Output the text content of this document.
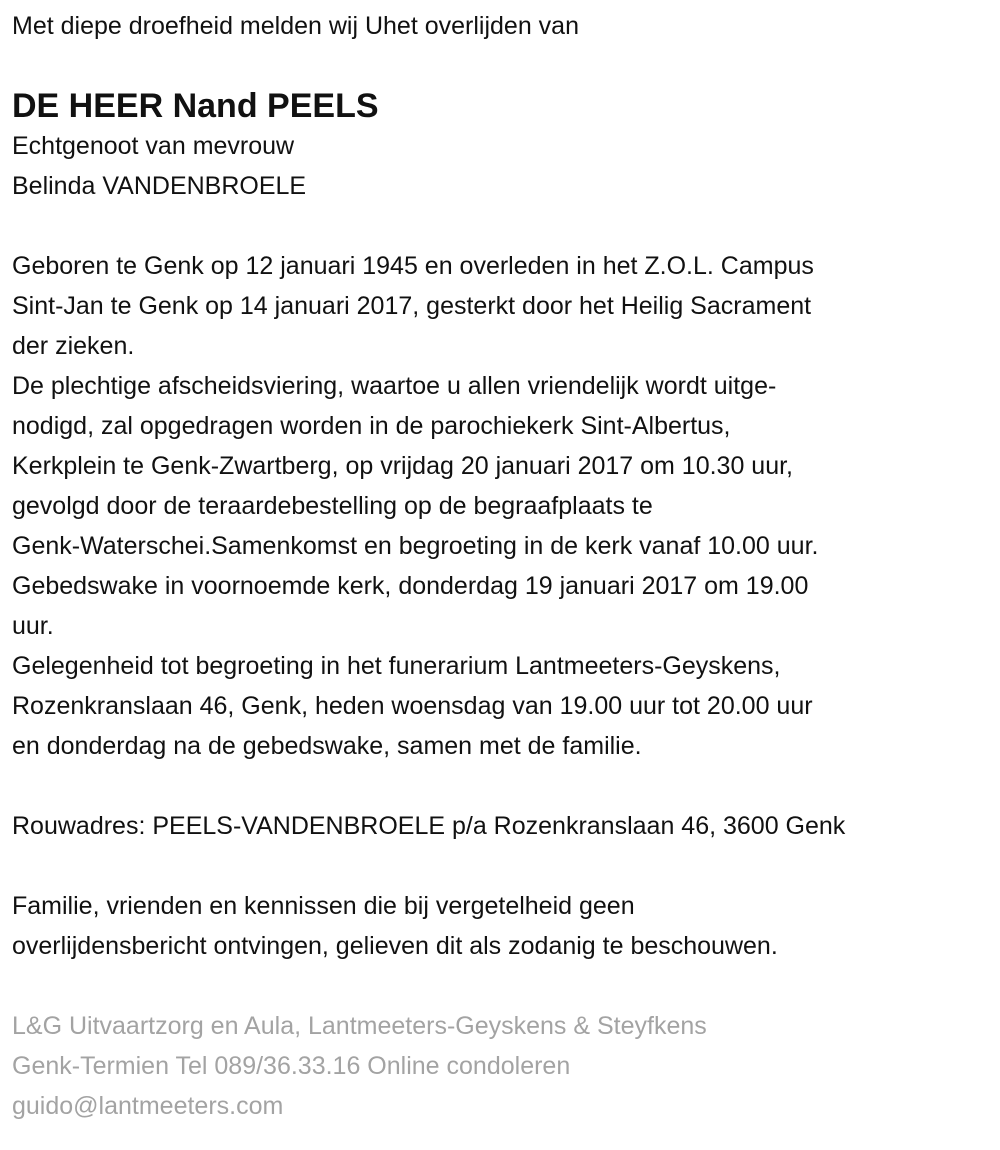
Met diepe droefheid melden wij Uhet overlijden van
DE HEER Nand PEELS
Echtgenoot van mevrouw
Belinda VANDENBROELE
Geboren te Genk op 12 januari 1945 en overleden in het Z.O.L. Campus
Sint-Jan te Genk op 14 januari 2017, gesterkt door het Heilig Sacrament
der zieken.
De plechtige afscheidsviering, waartoe u allen vriendelijk wordt uitge-
nodigd, zal opgedragen worden in de parochiekerk Sint-Albertus,
Kerkplein te Genk-Zwartberg, op vrijdag 20 januari 2017 om 10.30 uur,
gevolgd door de teraardebestelling op de begraafplaats te
Genk-Waterschei.Samenkomst en begroeting in de kerk vanaf 10.00 uur.
Gebedswake in voornoemde kerk, donderdag 19 januari 2017 om 19.00
uur.
Gelegenheid tot begroeting in het funerarium Lantmeeters-Geyskens,
Rozenkranslaan 46, Genk, heden woensdag van 19.00 uur tot 20.00 uur
en donderdag na de gebedswake, samen met de familie.
Rouwadres: PEELS-VANDENBROELE p/a Rozenkranslaan 46, 3600 Genk
Familie, vrienden en kennissen die bij vergetelheid geen
overlijdensbericht ontvingen, gelieven dit als zodanig te beschouwen.
L&G Uitvaartzorg en Aula, Lantmeeters-Geyskens & Steyfkens
Genk-Termien Tel 089/36.33.16 Online condoleren
guido@lantmeeters.com
